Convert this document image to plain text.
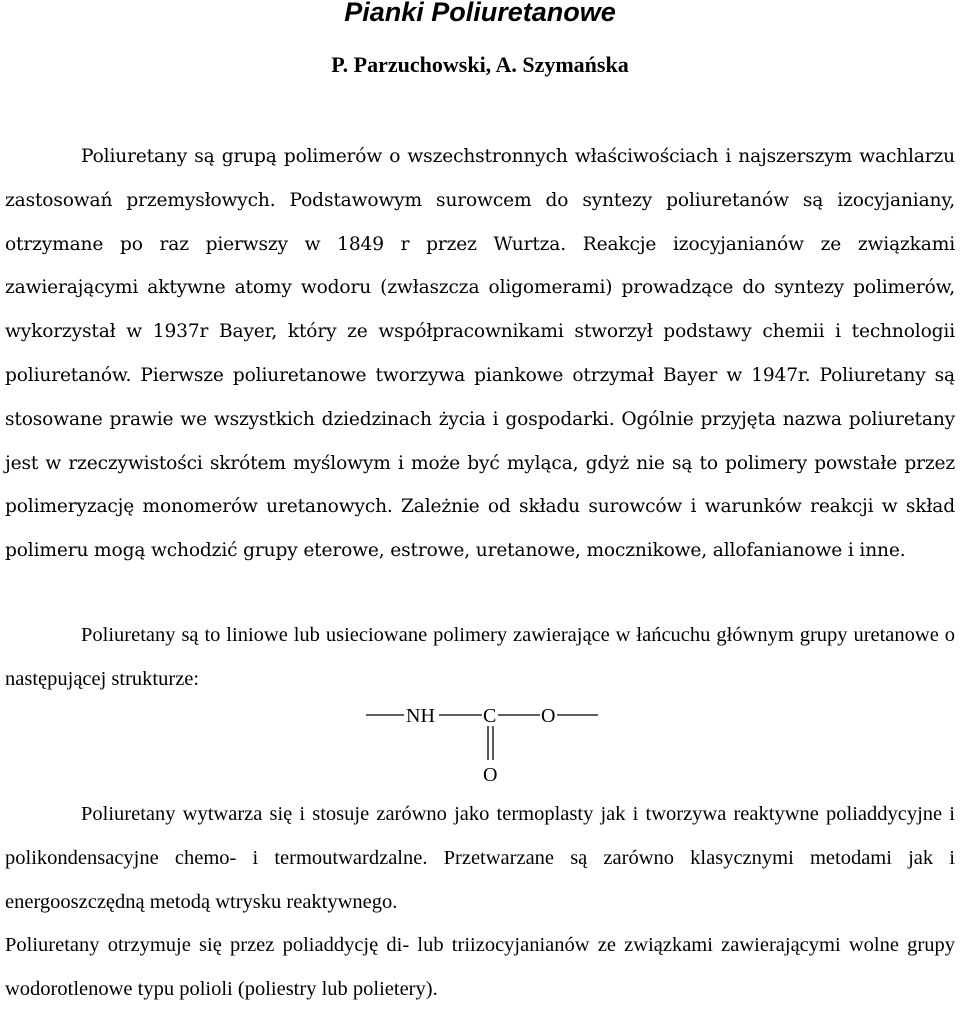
Pianki Poliuretanowe
P. Parzuchowski, A. Szymańska

Poliuretany są grupą polimerów o wszechstronnych właściwościach i najszerszym wachlarzu zastosowań przemysłowych. Podstawowym surowcem do syntezy poliuretanów są izocyjaniany, otrzymane po raz pierwszy w 1849 r przez Wurtza. Reakcje izocyjanianów ze związkami zawierającymi aktywne atomy wodoru (zwłaszcza oligomerami) prowadzące do syntezy polimerów, wykorzystał w 1937r Bayer, który ze współpracownikami stworzył podstawy chemii i technologii poliuretanów. Pierwsze poliuretanowe tworzywa piankowe otrzymał Bayer w 1947r. Poliuretany są stosowane prawie we wszystkich dziedzinach życia i gospodarki. Ogólnie przyjęta nazwa poliuretany jest w rzeczywistości skrótem myślowym i może być myląca, gdyż nie są to polimery powstałe przez polimeryzację monomerów uretanowych. Zależnie od składu surowców i warunków reakcji w skład polimeru mogą wchodzić grupy eterowe, estrowe, uretanowe, mocznikowe, allofanianowe i inne.

Poliuretany są to liniowe lub usieciowane polimery zawierające w łańcuchu głównym grupy uretanowe o następującej strukturze:

NH C O
O

Poliuretany wytwarza się i stosuje zarówno jako termoplasty jak i tworzywa reaktywne poliaddycyjne i polikondensacyjne chemo- i termoutwardzalne. Przetwarzane są zarówno klasycznymi metodami jak i energooszczędną metodą wtrysku reaktywnego.

Poliuretany otrzymuje się przez poliaddycję di- lub triizocyjanianów ze związkami zawierającymi wolne grupy wodorotlenowe typu polioli (poliestry lub polietery).
